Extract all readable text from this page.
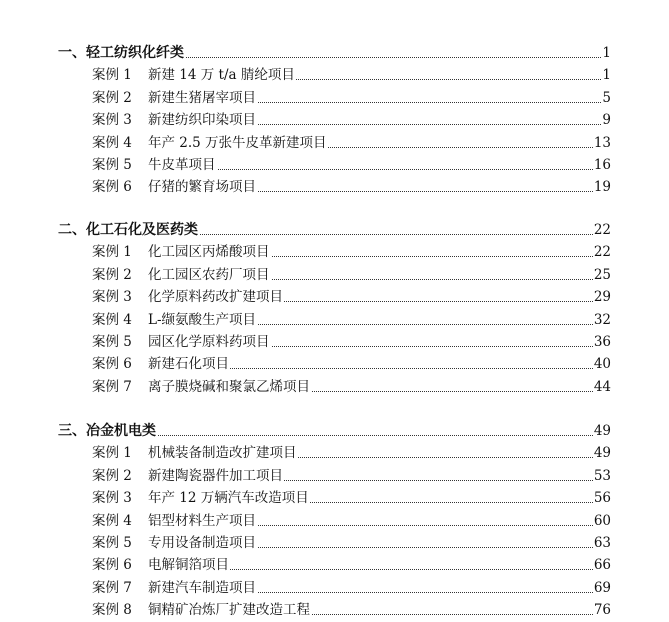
一、轻工纺织化纤类	1
案例 1 新建 14 万 t/a 腈纶项目	1
案例 2 新建生猪屠宰项目	5
案例 3 新建纺织印染项目	9
案例 4 年产 2.5 万张牛皮革新建项目	13
案例 5 牛皮革项目	16
案例 6 仔猪的繁育场项目	19
二、化工石化及医药类	22
案例 1 化工园区丙烯酸项目	22
案例 2 化工园区农药厂项目	25
案例 3 化学原料药改扩建项目	29
案例 4 L-缬氨酸生产项目	32
案例 5 园区化学原料药项目	36
案例 6 新建石化项目	40
案例 7 离子膜烧碱和聚氯乙烯项目	44
三、冶金机电类	49
案例 1 机械装备制造改扩建项目	49
案例 2 新建陶瓷器件加工项目	53
案例 3 年产 12 万辆汽车改造项目	56
案例 4 铝型材料生产项目	60
案例 5 专用设备制造项目	63
案例 6 电解铜箔项目	66
案例 7 新建汽车制造项目	69
案例 8 铜精矿冶炼厂扩建改造工程	76
